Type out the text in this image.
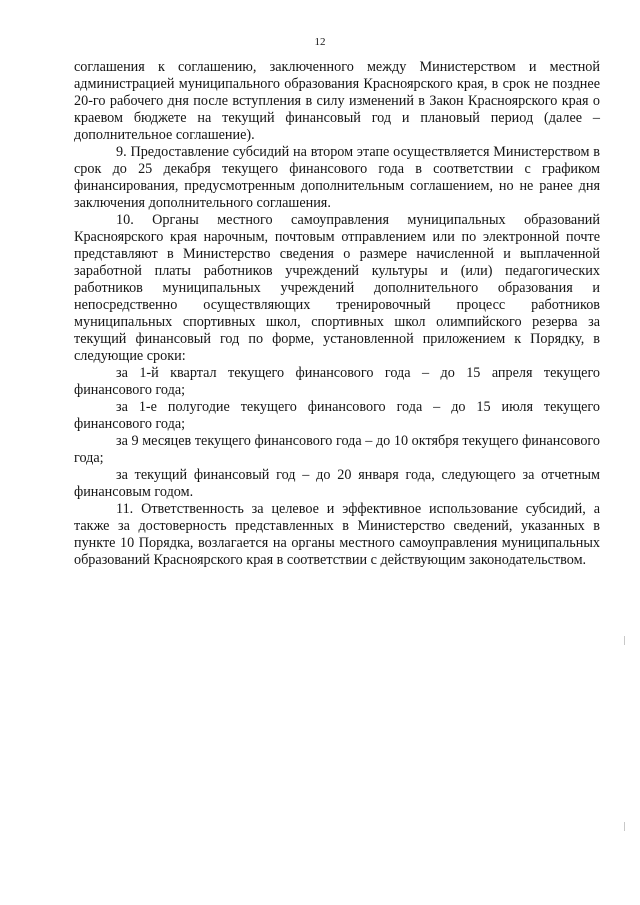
12

соглашения к соглашению, заключенного между Министерством и местной администрацией муниципального образования Красноярского края, в срок не позднее 20-го рабочего дня после вступления в силу изменений в Закон Красноярского края о краевом бюджете на текущий финансовый год и плановый период (далее – дополнительное соглашение).

9. Предоставление субсидий на втором этапе осуществляется Министерством в срок до 25 декабря текущего финансового года в соответствии с графиком финансирования, предусмотренным дополнительным соглашением, но не ранее дня заключения дополнительного соглашения.

10. Органы местного самоуправления муниципальных образований Красноярского края нарочным, почтовым отправлением или по электронной почте представляют в Министерство сведения о размере начисленной и выплаченной заработной платы работников учреждений культуры и (или) педагогических работников муниципальных учреждений дополнительного образования и непосредственно осуществляющих тренировочный процесс работников муниципальных спортивных школ, спортивных школ олимпийского резерва за текущий финансовый год по форме, установленной приложением к Порядку, в следующие сроки:

за 1-й квартал текущего финансового года – до 15 апреля текущего финансового года;

за 1-е полугодие текущего финансового года – до 15 июля текущего финансового года;

за 9 месяцев текущего финансового года – до 10 октября текущего финансового года;

за текущий финансовый год – до 20 января года, следующего за отчетным финансовым годом.

11. Ответственность за целевое и эффективное использование субсидий, а также за достоверность представленных в Министерство сведений, указанных в пункте 10 Порядка, возлагается на органы местного самоуправления муниципальных образований Красноярского края в соответствии с действующим законодательством.
